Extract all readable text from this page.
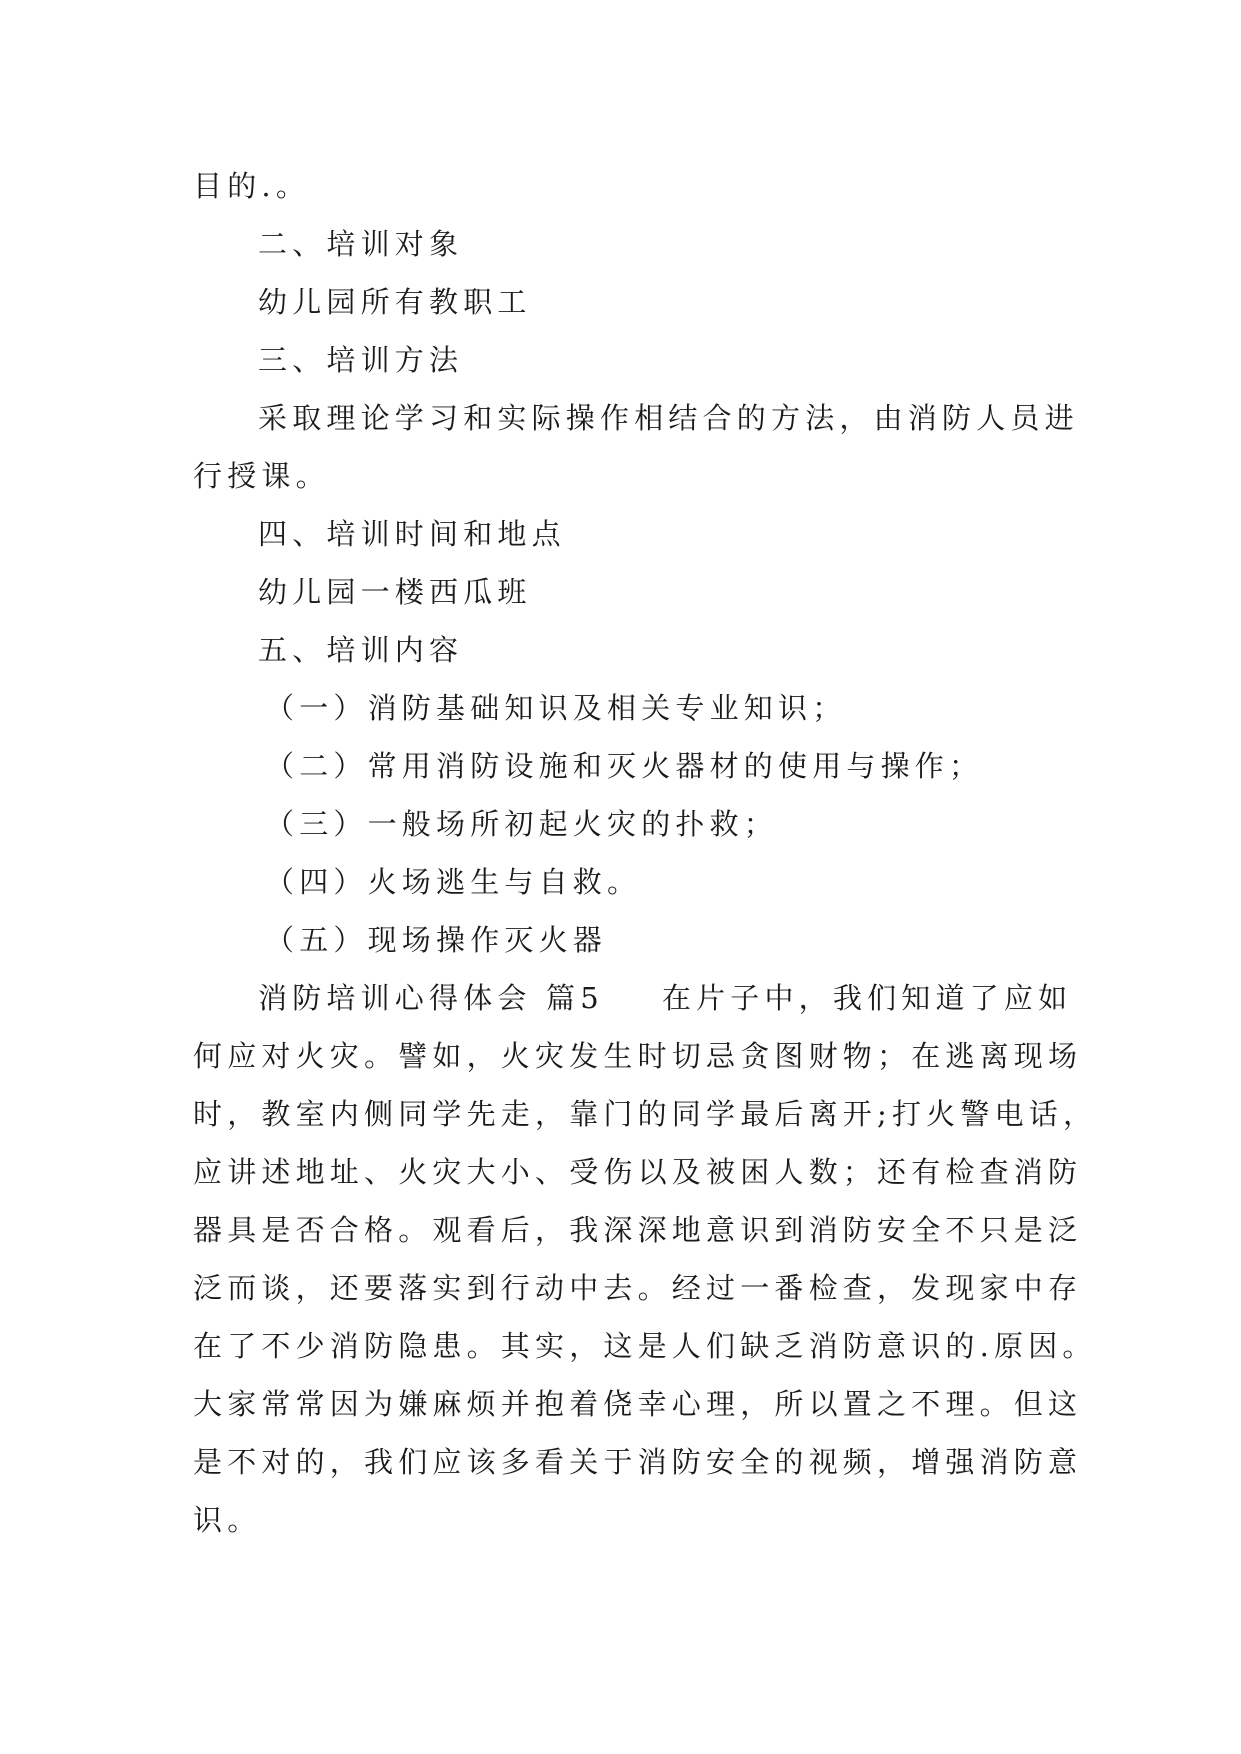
目的.。
二、培训对象
幼儿园所有教职工
三、培训方法
采取理论学习和实际操作相结合的方法，由消防人员进
行授课。
四、培训时间和地点
幼儿园一楼西瓜班
五、培训内容
（一）消防基础知识及相关专业知识；
（二）常用消防设施和灭火器材的使用与操作；
（三）一般场所初起火灾的扑救；
（四）火场逃生与自救。
（五）现场操作灭火器
消防培训心得体会 篇5 在片子中，我们知道了应如
何应对火灾。譬如，火灾发生时切忌贪图财物；在逃离现场
时，教室内侧同学先走，靠门的同学最后离开;打火警电话，
应讲述地址、火灾大小、受伤以及被困人数；还有检查消防
器具是否合格。观看后，我深深地意识到消防安全不只是泛
泛而谈，还要落实到行动中去。经过一番检查，发现家中存
在了不少消防隐患。其实，这是人们缺乏消防意识的.原因。
大家常常因为嫌麻烦并抱着侥幸心理，所以置之不理。但这
是不对的，我们应该多看关于消防安全的视频，增强消防意
识。
